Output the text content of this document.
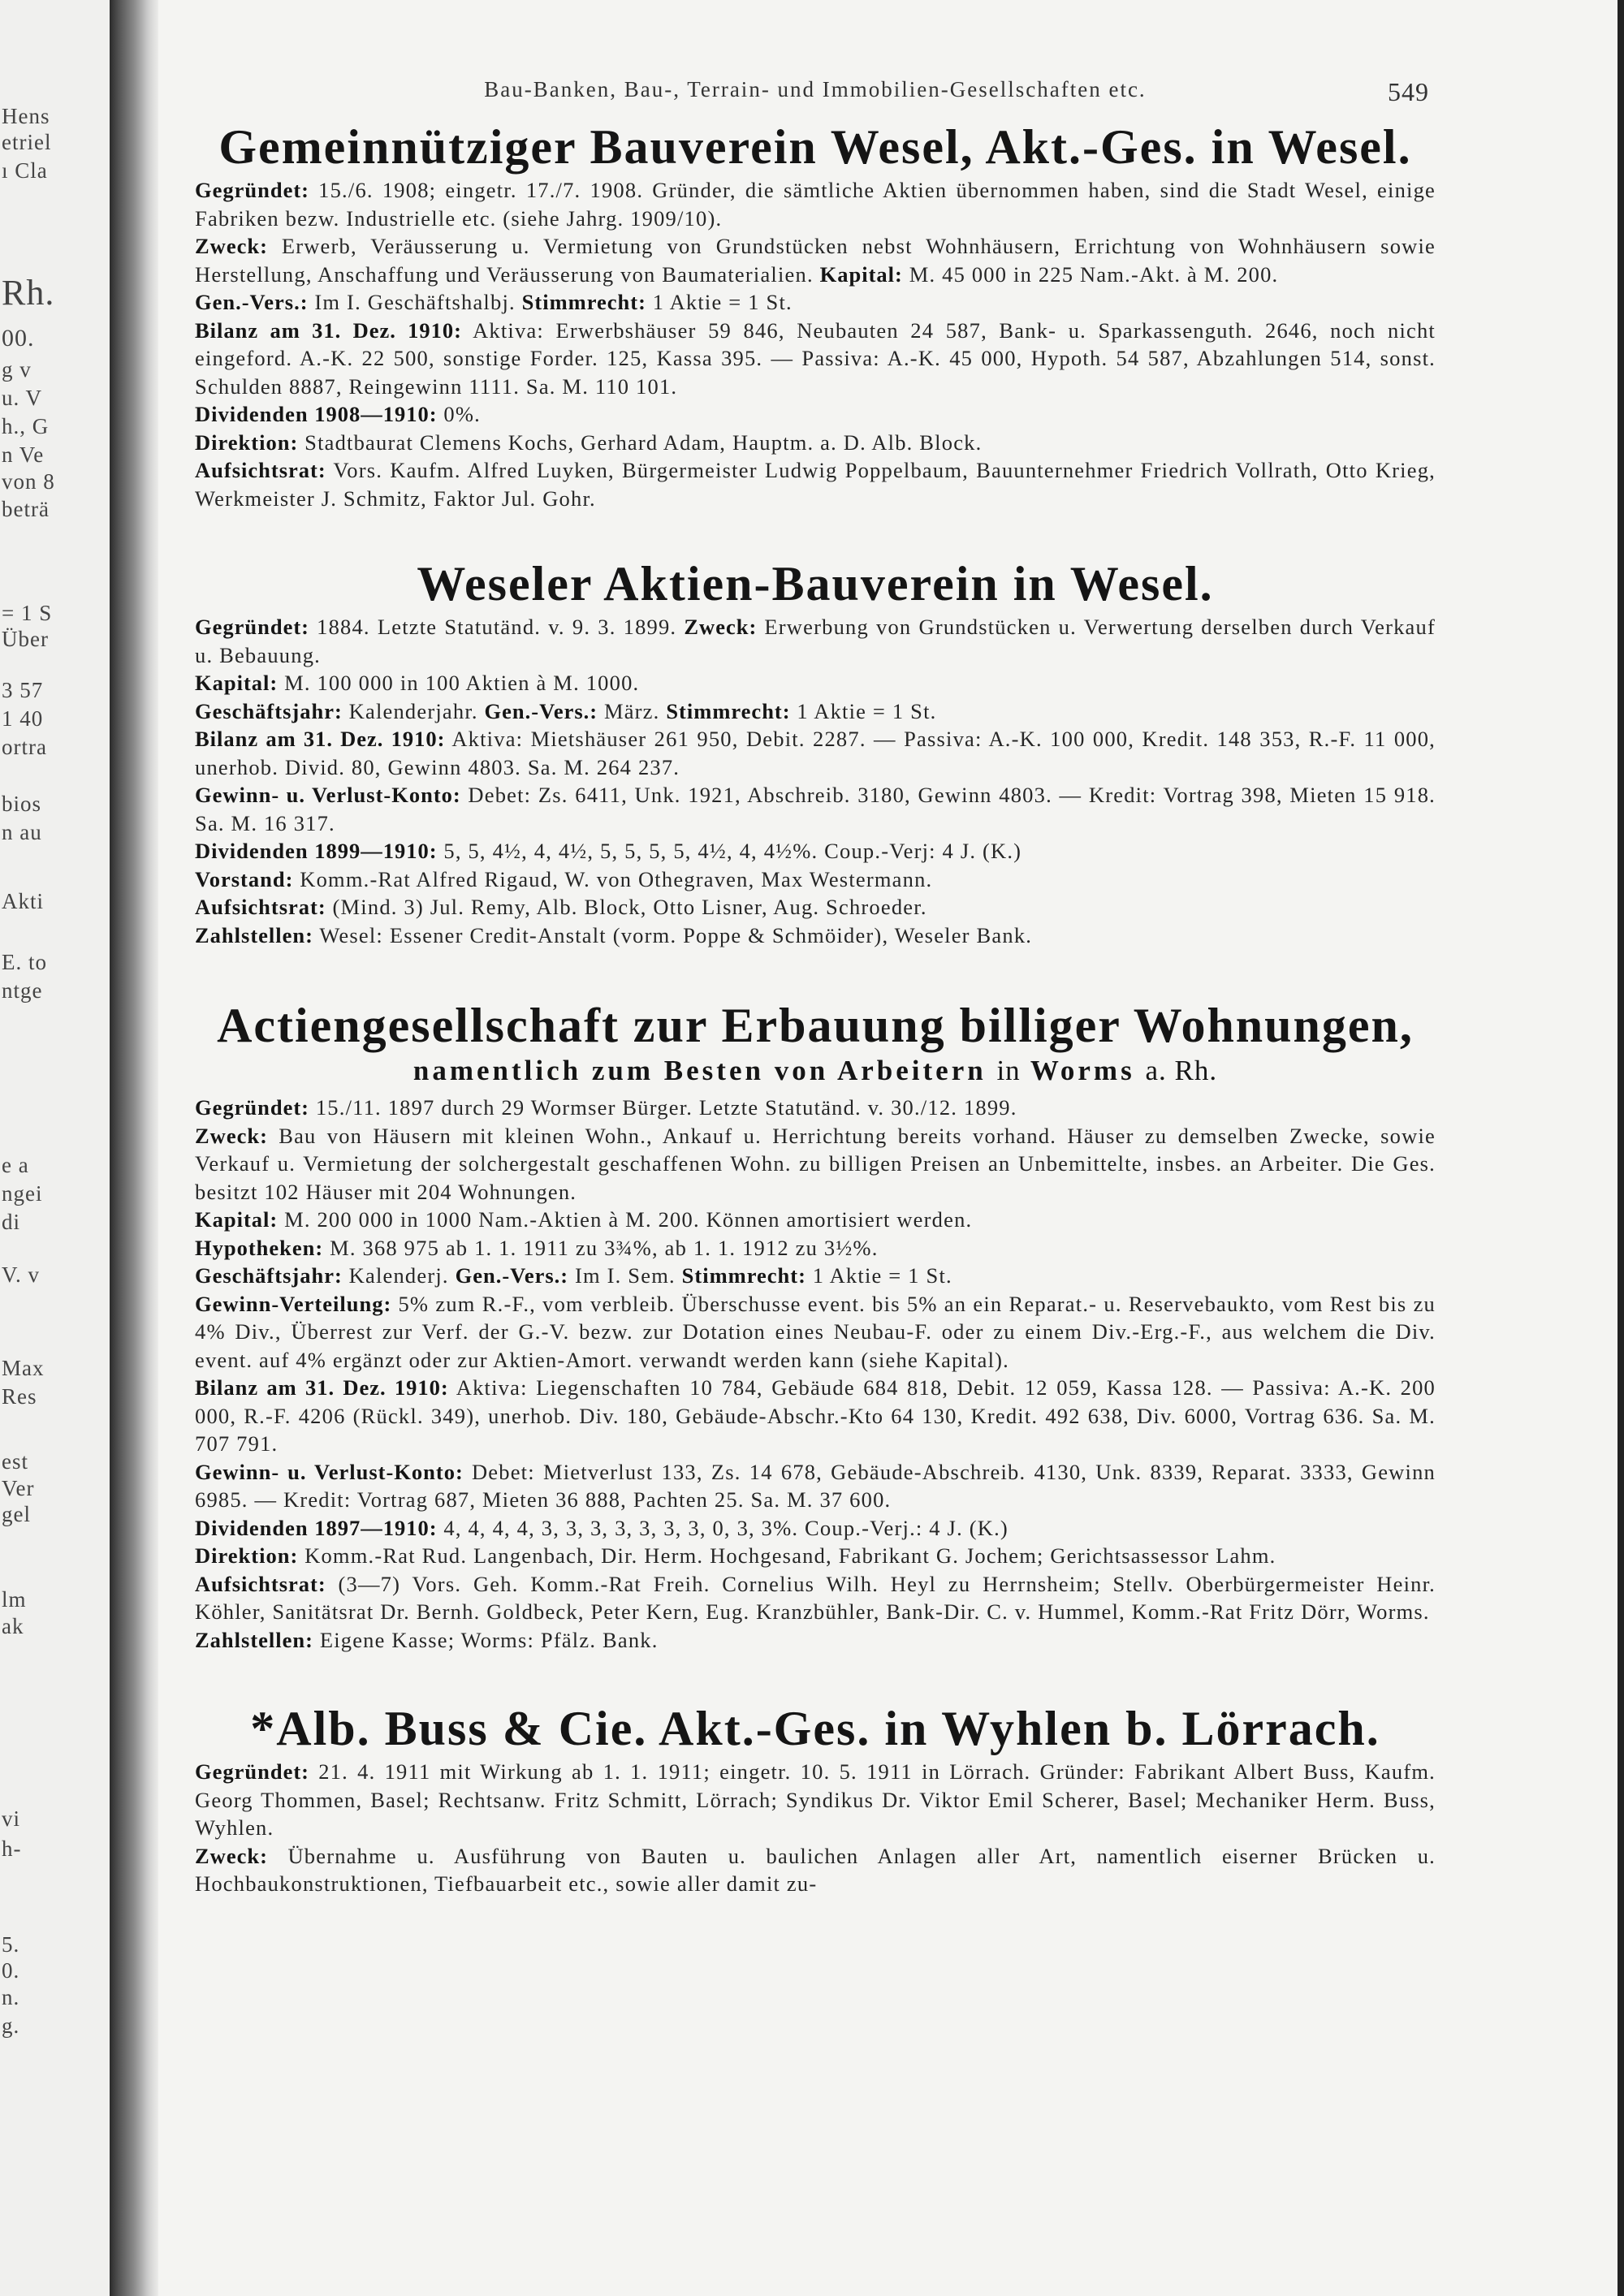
Hens
etriel
ı Cla
Rh.
00.
g v
u. V
h., G
n Ve
von 8
beträ
= 1 S
Über
3 57
1 40
ortra
bios
n au
Akti
E. to
ntge
e a
ngei
di
V. v
Max
Res
est
Ver
gel
lm
ak
vi
h-
5.
0.
n.
g.
Bau-Banken, Bau-, Terrain- und Immobilien-Gesellschaften etc.	549
Gemeinnütziger Bauverein Wesel, Akt.-Ges. in Wesel.

Gegründet: 15./6. 1908; eingetr. 17./7. 1908. Gründer, die sämtliche Aktien übernommen haben, sind die Stadt Wesel, einige Fabriken bezw. Industrielle etc. (siehe Jahrg. 1909/10).

Zweck: Erwerb, Veräusserung u. Vermietung von Grundstücken nebst Wohnhäusern, Errichtung von Wohnhäusern sowie Herstellung, Anschaffung und Veräusserung von Baumaterialien. Kapital: M. 45 000 in 225 Nam.-Akt. à M. 200.

Gen.-Vers.: Im I. Geschäftshalbj. Stimmrecht: 1 Aktie = 1 St.

Bilanz am 31. Dez. 1910: Aktiva: Erwerbshäuser 59 846, Neubauten 24 587, Bank- u. Sparkassenguth. 2646, noch nicht eingeford. A.-K. 22 500, sonstige Forder. 125, Kassa 395. — Passiva: A.-K. 45 000, Hypoth. 54 587, Abzahlungen 514, sonst. Schulden 8887, Reingewinn 1111. Sa. M. 110 101.

Dividenden 1908—1910: 0%.

Direktion: Stadtbaurat Clemens Kochs, Gerhard Adam, Hauptm. a. D. Alb. Block.

Aufsichtsrat: Vors. Kaufm. Alfred Luyken, Bürgermeister Ludwig Poppelbaum, Bauunternehmer Friedrich Vollrath, Otto Krieg, Werkmeister J. Schmitz, Faktor Jul. Gohr.

Weseler Aktien-Bauverein in Wesel.

Gegründet: 1884. Letzte Statutänd. v. 9. 3. 1899. Zweck: Erwerbung von Grundstücken u. Verwertung derselben durch Verkauf u. Bebauung.

Kapital: M. 100 000 in 100 Aktien à M. 1000.

Geschäftsjahr: Kalenderjahr. Gen.-Vers.: März. Stimmrecht: 1 Aktie = 1 St.

Bilanz am 31. Dez. 1910: Aktiva: Mietshäuser 261 950, Debit. 2287. — Passiva: A.-K. 100 000, Kredit. 148 353, R.-F. 11 000, unerhob. Divid. 80, Gewinn 4803. Sa. M. 264 237.

Gewinn- u. Verlust-Konto: Debet: Zs. 6411, Unk. 1921, Abschreib. 3180, Gewinn 4803. — Kredit: Vortrag 398, Mieten 15 918. Sa. M. 16 317.

Dividenden 1899—1910: 5, 5, 4½, 4, 4½, 5, 5, 5, 5, 4½, 4, 4½%. Coup.-Verj: 4 J. (K.)

Vorstand: Komm.-Rat Alfred Rigaud, W. von Othegraven, Max Westermann.

Aufsichtsrat: (Mind. 3) Jul. Remy, Alb. Block, Otto Lisner, Aug. Schroeder.

Zahlstellen: Wesel: Essener Credit-Anstalt (vorm. Poppe & Schmöider), Weseler Bank.

Actiengesellschaft zur Erbauung billiger Wohnungen,

namentlich zum Besten von Arbeitern in Worms a. Rh.

Gegründet: 15./11. 1897 durch 29 Wormser Bürger. Letzte Statutänd. v. 30./12. 1899.

Zweck: Bau von Häusern mit kleinen Wohn., Ankauf u. Herrichtung bereits vorhand. Häuser zu demselben Zwecke, sowie Verkauf u. Vermietung der solchergestalt geschaffenen Wohn. zu billigen Preisen an Unbemittelte, insbes. an Arbeiter. Die Ges. besitzt 102 Häuser mit 204 Wohnungen.

Kapital: M. 200 000 in 1000 Nam.-Aktien à M. 200. Können amortisiert werden.

Hypotheken: M. 368 975 ab 1. 1. 1911 zu 3¾%, ab 1. 1. 1912 zu 3½%.

Geschäftsjahr: Kalenderj. Gen.-Vers.: Im I. Sem. Stimmrecht: 1 Aktie = 1 St.

Gewinn-Verteilung: 5% zum R.-F., vom verbleib. Überschusse event. bis 5% an ein Reparat.- u. Reservebaukto, vom Rest bis zu 4% Div., Überrest zur Verf. der G.-V. bezw. zur Dotation eines Neubau-F. oder zu einem Div.-Erg.-F., aus welchem die Div. event. auf 4% ergänzt oder zur Aktien-Amort. verwandt werden kann (siehe Kapital).

Bilanz am 31. Dez. 1910: Aktiva: Liegenschaften 10 784, Gebäude 684 818, Debit. 12 059, Kassa 128. — Passiva: A.-K. 200 000, R.-F. 4206 (Rückl. 349), unerhob. Div. 180, Gebäude-Abschr.-Kto 64 130, Kredit. 492 638, Div. 6000, Vortrag 636. Sa. M. 707 791.

Gewinn- u. Verlust-Konto: Debet: Mietverlust 133, Zs. 14 678, Gebäude-Abschreib. 4130, Unk. 8339, Reparat. 3333, Gewinn 6985. — Kredit: Vortrag 687, Mieten 36 888, Pachten 25. Sa. M. 37 600.

Dividenden 1897—1910: 4, 4, 4, 4, 3, 3, 3, 3, 3, 3, 3, 0, 3, 3%. Coup.-Verj.: 4 J. (K.)

Direktion: Komm.-Rat Rud. Langenbach, Dir. Herm. Hochgesand, Fabrikant G. Jochem; Gerichtsassessor Lahm.

Aufsichtsrat: (3—7) Vors. Geh. Komm.-Rat Freih. Cornelius Wilh. Heyl zu Herrnsheim; Stellv. Oberbürgermeister Heinr. Köhler, Sanitätsrat Dr. Bernh. Goldbeck, Peter Kern, Eug. Kranzbühler, Bank-Dir. C. v. Hummel, Komm.-Rat Fritz Dörr, Worms.

Zahlstellen: Eigene Kasse; Worms: Pfälz. Bank.

*Alb. Buss & Cie. Akt.-Ges. in Wyhlen b. Lörrach.

Gegründet: 21. 4. 1911 mit Wirkung ab 1. 1. 1911; eingetr. 10. 5. 1911 in Lörrach. Gründer: Fabrikant Albert Buss, Kaufm. Georg Thommen, Basel; Rechtsanw. Fritz Schmitt, Lörrach; Syndikus Dr. Viktor Emil Scherer, Basel; Mechaniker Herm. Buss, Wyhlen.

Zweck: Übernahme u. Ausführung von Bauten u. baulichen Anlagen aller Art, namentlich eiserner Brücken u. Hochbaukonstruktionen, Tiefbauarbeit etc., sowie aller damit zu-
